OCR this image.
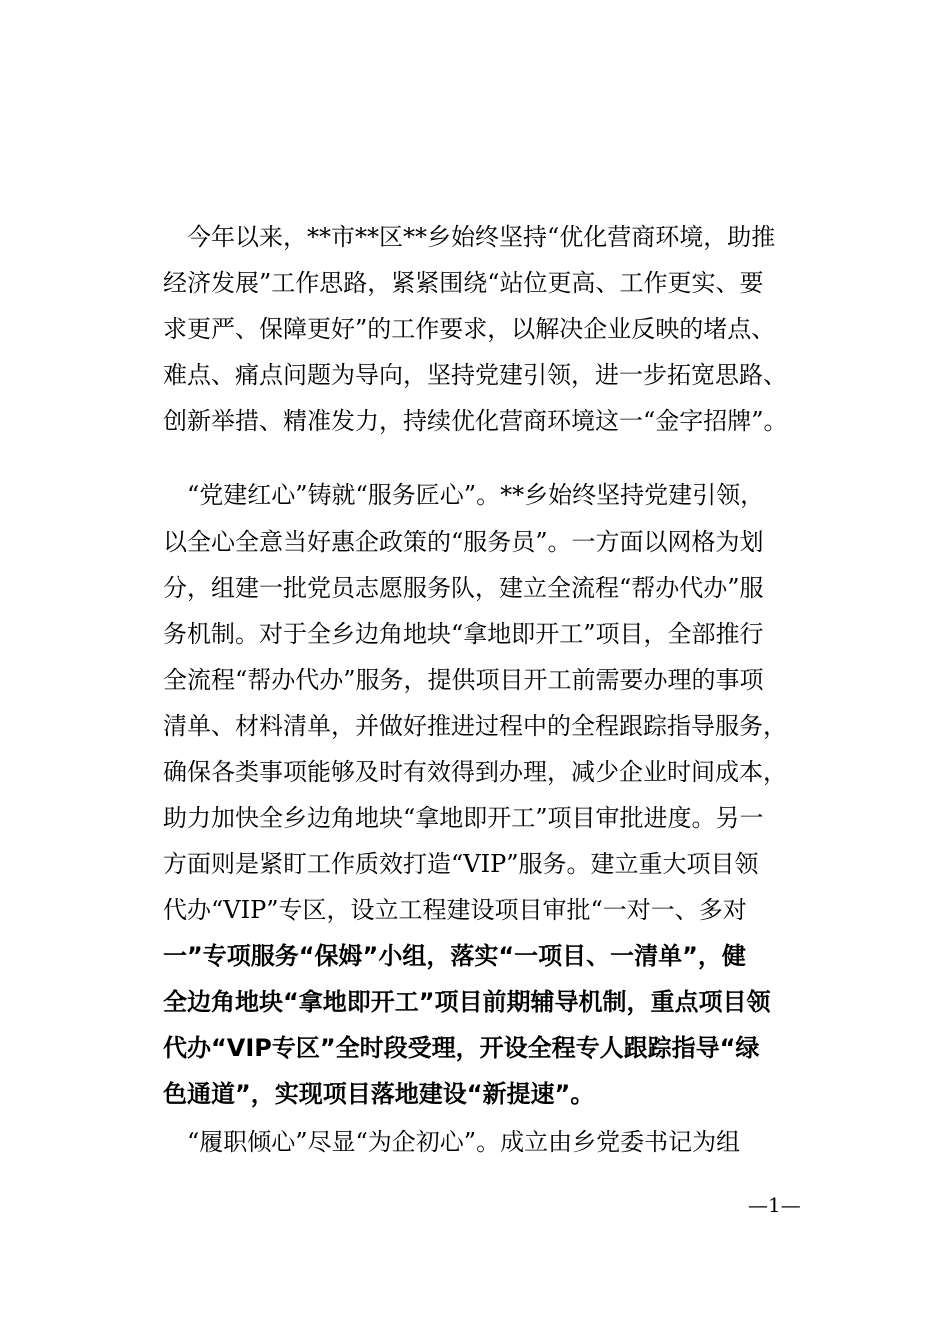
　今年以来，**市**区**乡始终坚持“优化营商环境，助推
经济发展”工作思路，紧紧围绕“站位更高、工作更实、要
求更严、保障更好”的工作要求，以解决企业反映的堵点、
难点、痛点问题为导向，坚持党建引领，进一步拓宽思路、
创新举措、精准发力，持续优化营商环境这一“金字招牌”。
　“党建红心”铸就“服务匠心”。**乡始终坚持党建引领，
以全心全意当好惠企政策的“服务员”。一方面以网格为划
分，组建一批党员志愿服务队，建立全流程“帮办代办”服
务机制。对于全乡边角地块“拿地即开工”项目，全部推行
全流程“帮办代办”服务，提供项目开工前需要办理的事项
清单、材料清单，并做好推进过程中的全程跟踪指导服务，
确保各类事项能够及时有效得到办理，减少企业时间成本，
助力加快全乡边角地块“拿地即开工”项目审批进度。另一
方面则是紧盯工作质效打造“VIP”服务。建立重大项目领
代办“VIP”专区，设立工程建设项目审批“一对一、多对
一”专项服务“保姆”小组，落实“一项目、一清单”，健
全边角地块“拿地即开工”项目前期辅导机制，重点项目领
代办“VIP专区”全时段受理，开设全程专人跟踪指导“绿
色通道”，实现项目落地建设“新提速”。
　“履职倾心”尽显“为企初心”。成立由乡党委书记为组
—1—
